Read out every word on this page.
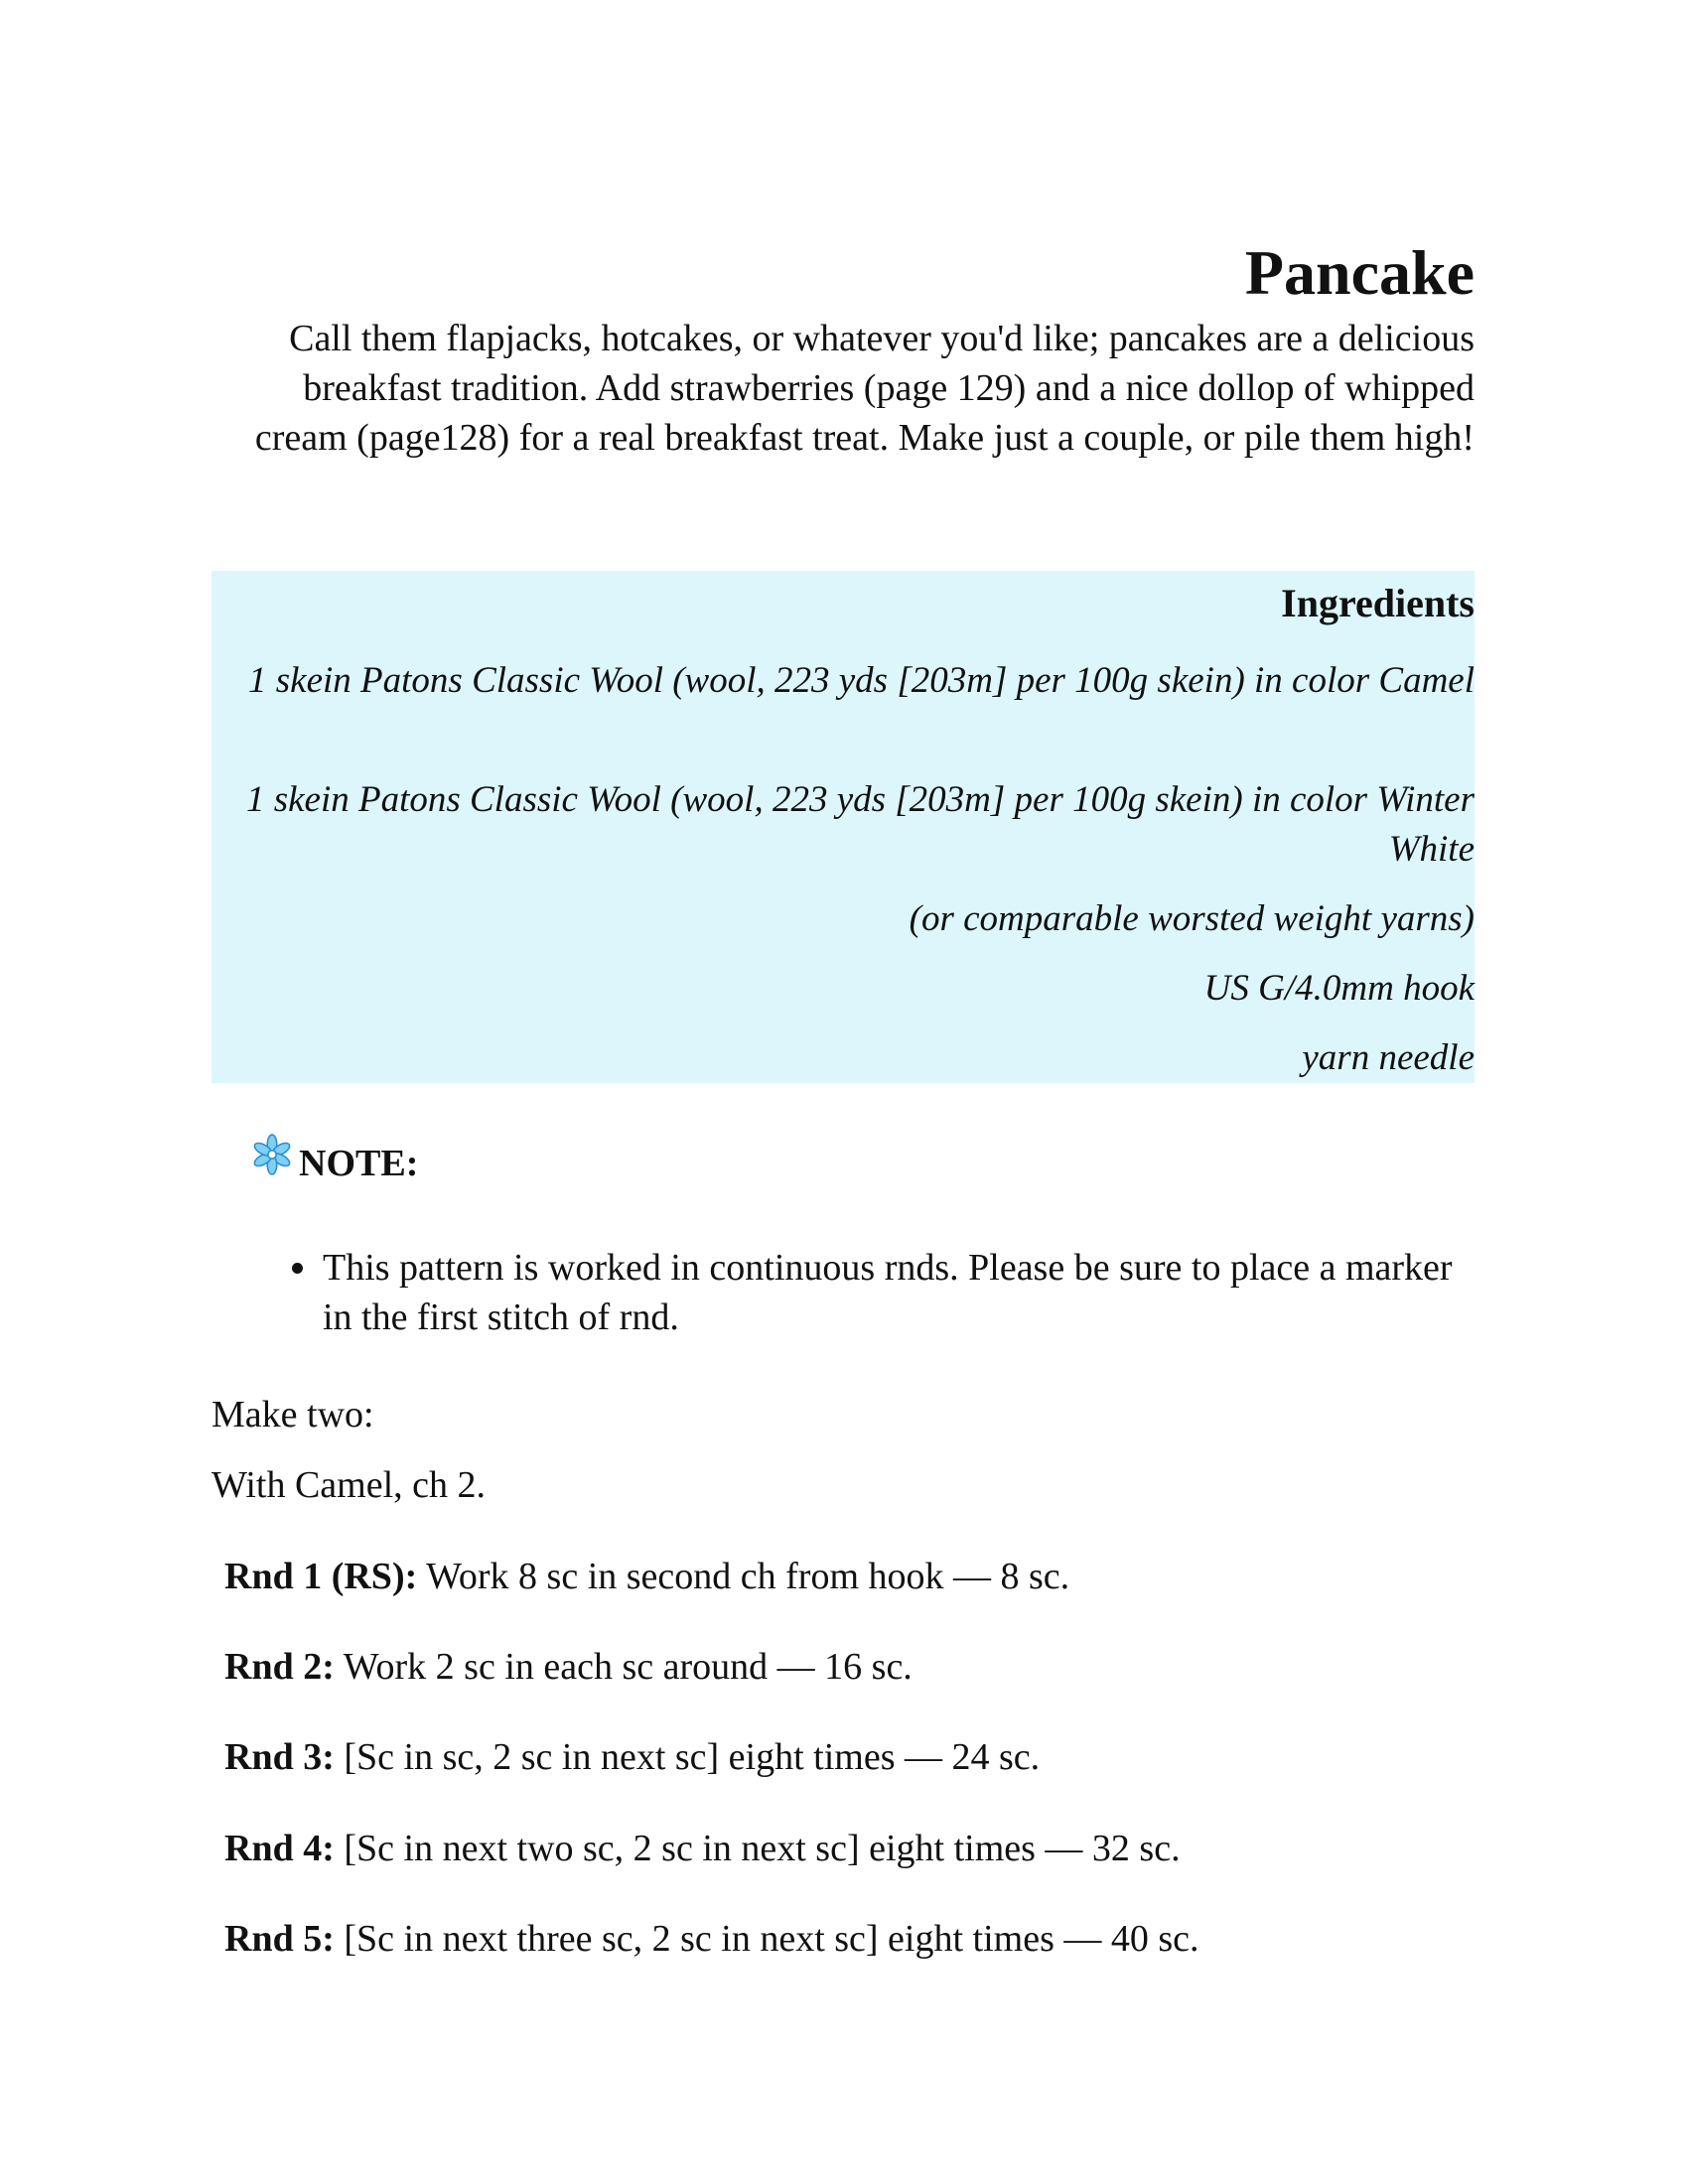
Pancake

Call them flapjacks, hotcakes, or whatever you'd like; pancakes are a delicious breakfast tradition. Add strawberries (page 129) and a nice dollop of whipped cream (page128) for a real breakfast treat. Make just a couple, or pile them high!

Ingredients
1 skein Patons Classic Wool (wool, 223 yds [203m] per 100g skein) in color Camel
1 skein Patons Classic Wool (wool, 223 yds [203m] per 100g skein) in color Winter White
(or comparable worsted weight yarns)
US G/4.0mm hook
yarn needle
NOTE:
• This pattern is worked in continuous rnds. Please be sure to place a marker in the first stitch of rnd.
Make two:
With Camel, ch 2.
Rnd 1 (RS): Work 8 sc in second ch from hook — 8 sc.
Rnd 2: Work 2 sc in each sc around — 16 sc.
Rnd 3: [Sc in sc, 2 sc in next sc] eight times — 24 sc.
Rnd 4: [Sc in next two sc, 2 sc in next sc] eight times — 32 sc.
Rnd 5: [Sc in next three sc, 2 sc in next sc] eight times — 40 sc.
